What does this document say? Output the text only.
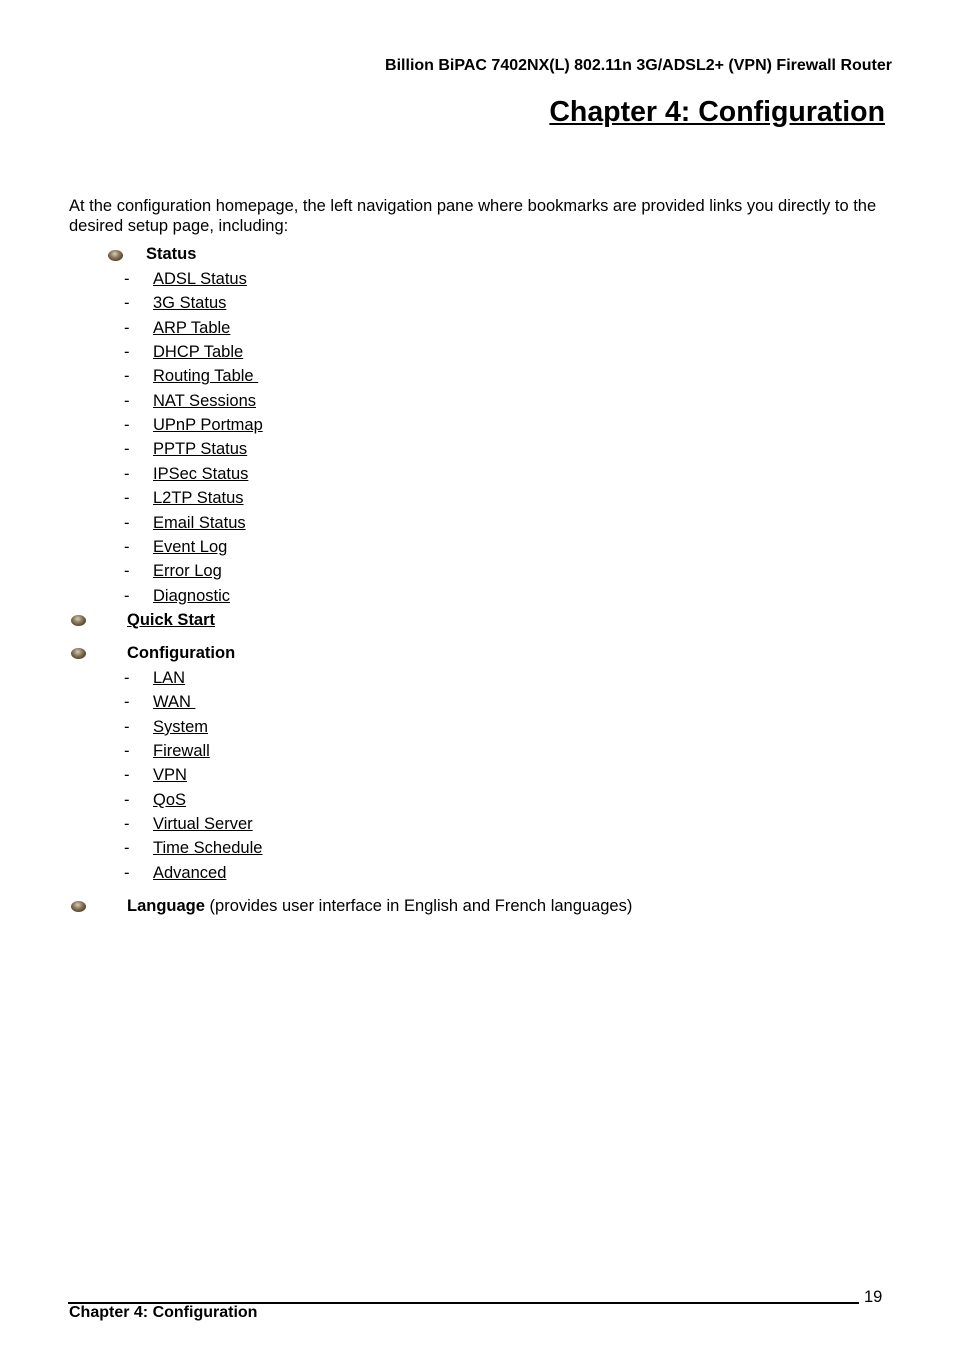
Billion BiPAC 7402NX(L) 802.11n 3G/ADSL2+ (VPN) Firewall Router
Chapter 4: Configuration
At the configuration homepage, the left navigation pane where bookmarks are provided links you directly to the desired setup page, including:
Status
- ADSL Status
- 3G Status
- ARP Table
- DHCP Table
- Routing Table
- NAT Sessions
- UPnP Portmap
- PPTP Status
- IPSec Status
- L2TP Status
- Email Status
- Event Log
- Error Log
- Diagnostic
Quick Start
Configuration
- LAN
- WAN
- System
- Firewall
- VPN
- QoS
- Virtual Server
- Time Schedule
- Advanced
Language (provides user interface in English and French languages)
19
Chapter 4: Configuration
